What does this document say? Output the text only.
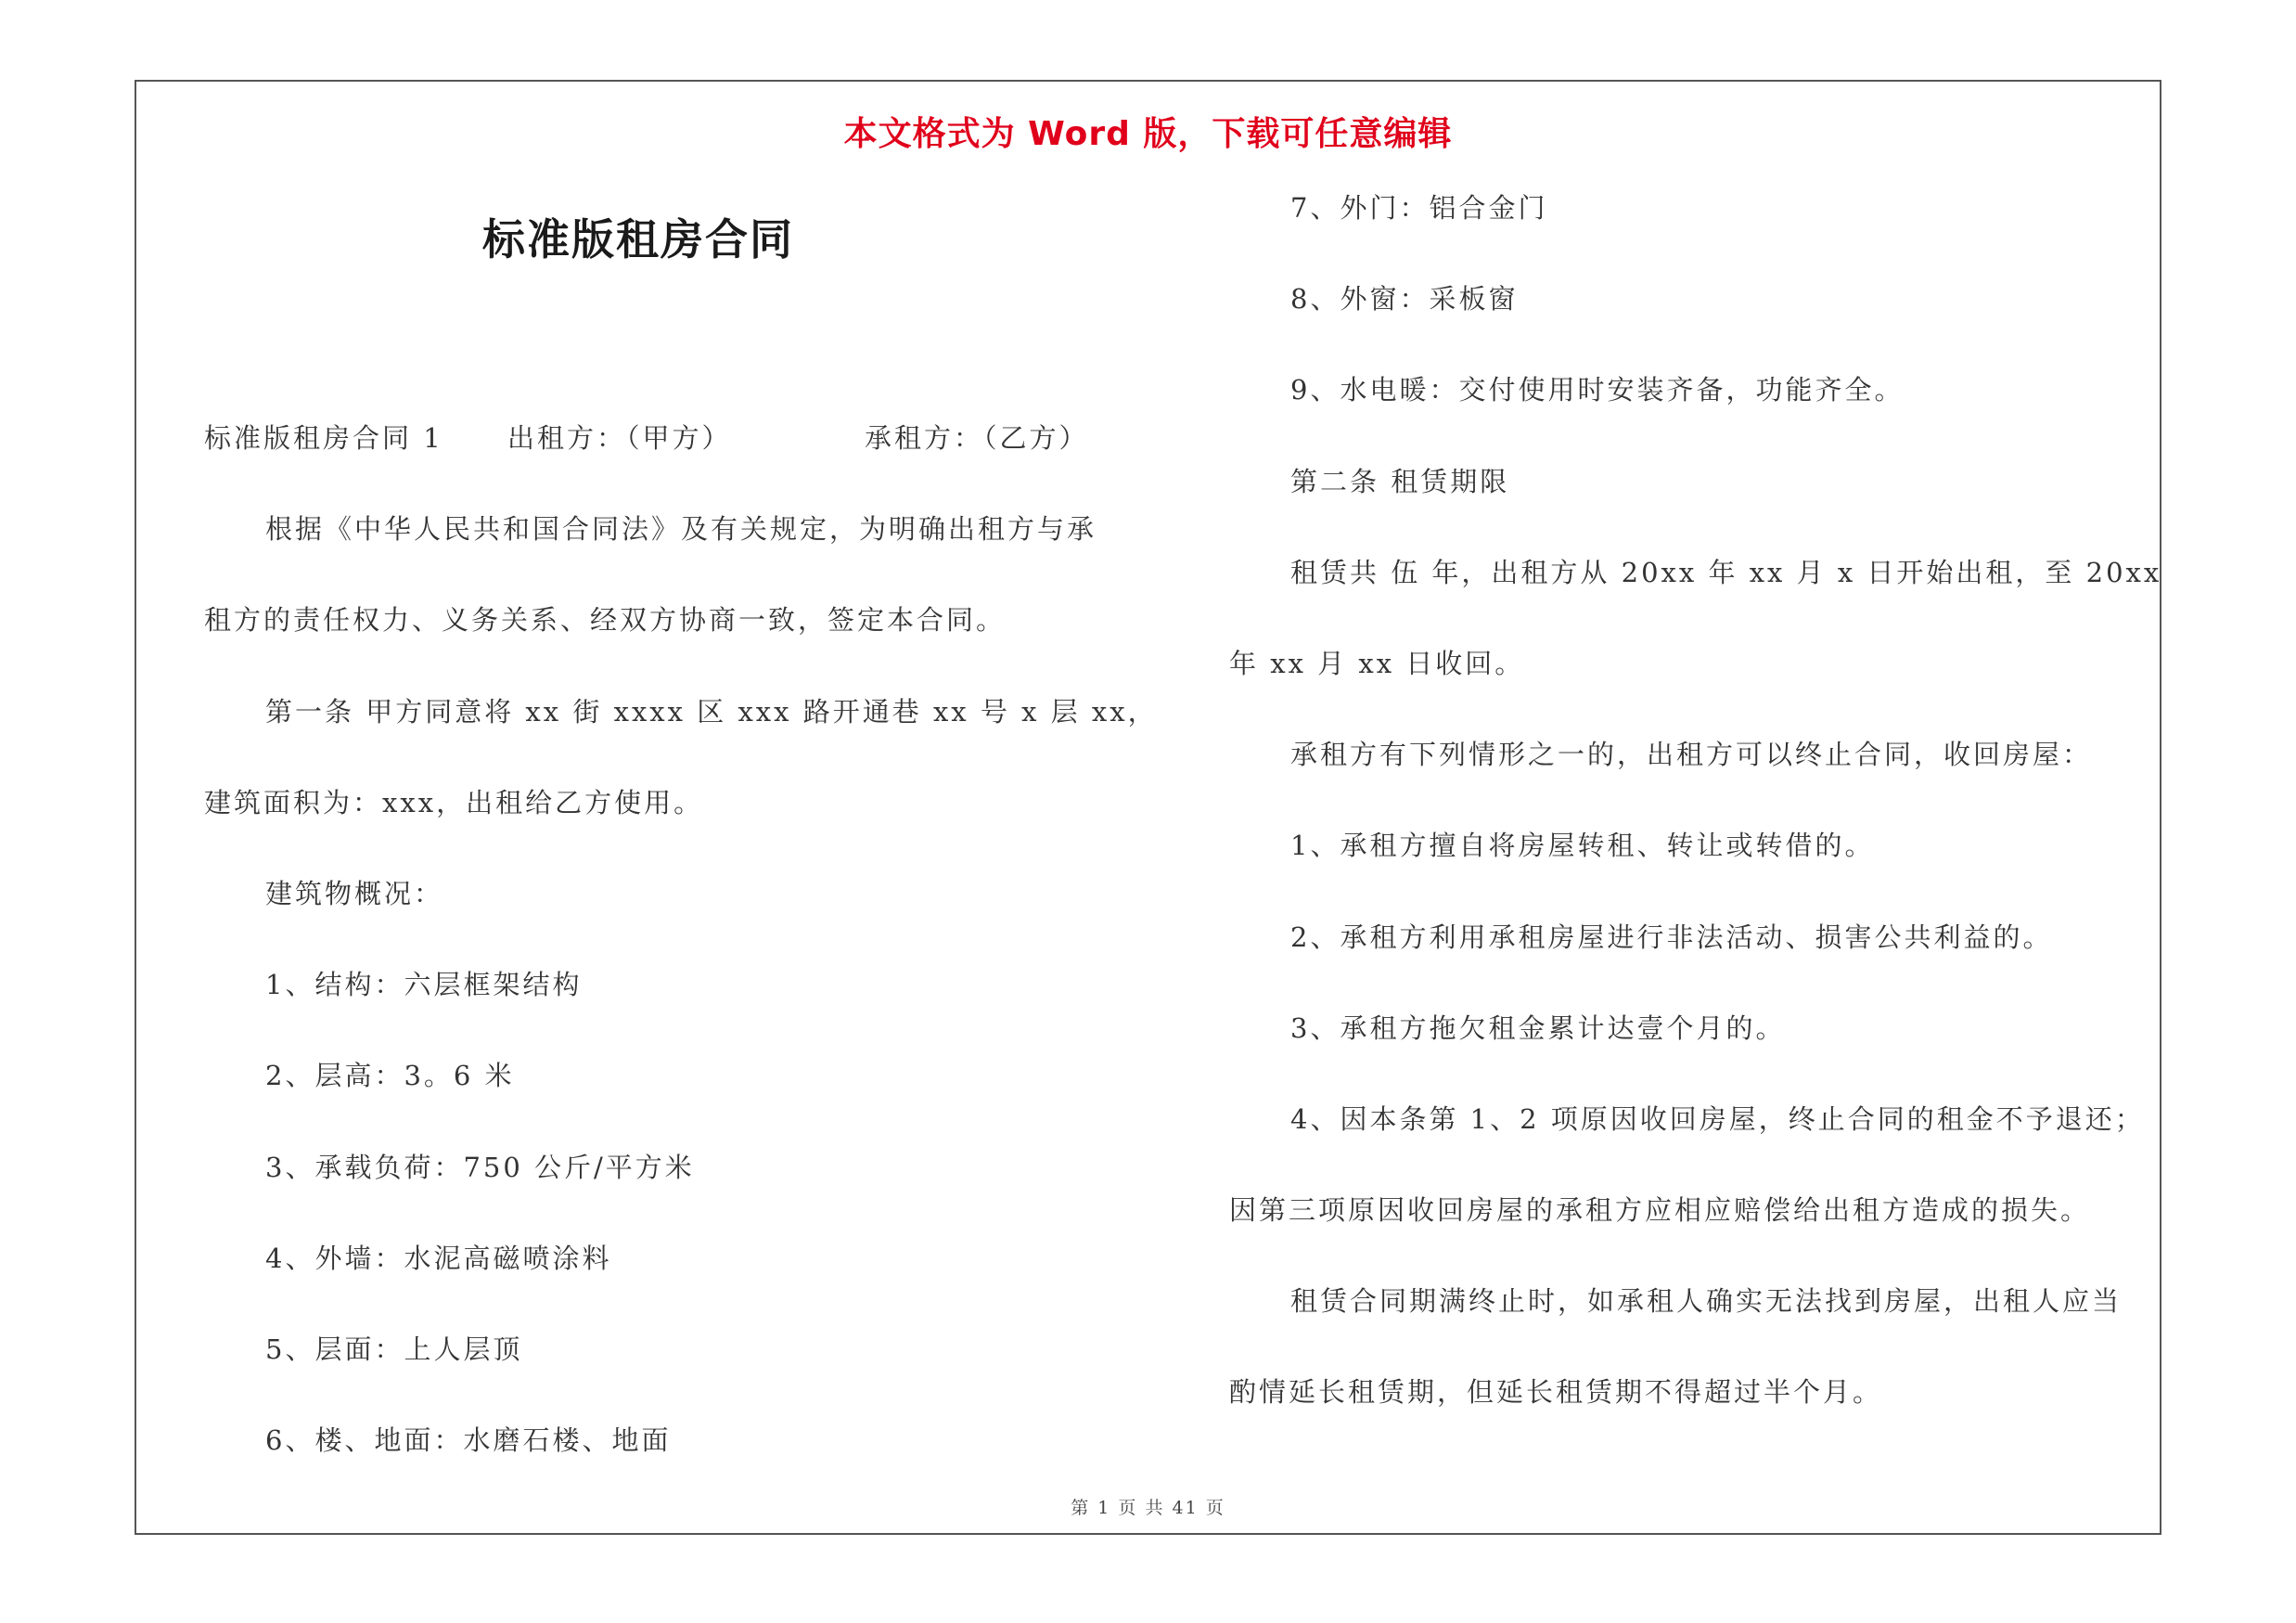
本文格式为 Word 版，下载可任意编辑
标准版租房合同
标准版租房合同 1	出租方：（甲方）	承租方：（乙方）
根据《中华人民共和国合同法》及有关规定，为明确出租方与承
租方的责任权力、义务关系、经双方协商一致，签定本合同。
第一条 甲方同意将 xx 街 xxxx 区 xxx 路开通巷 xx 号 x 层 xx，
建筑面积为：xxx，出租给乙方使用。
建筑物概况：
1、结构：六层框架结构
2、层高：3。6 米
3、承载负荷：750 公斤/平方米
4、外墙：水泥高磁喷涂料
5、层面：上人层顶
6、楼、地面：水磨石楼、地面
7、外门：铝合金门
8、外窗：采板窗
9、水电暖：交付使用时安装齐备，功能齐全。
第二条 租赁期限
租赁共 伍 年，出租方从 20xx 年 xx 月 x 日开始出租，至 20xx
年 xx 月 xx 日收回。
承租方有下列情形之一的，出租方可以终止合同，收回房屋：
1、承租方擅自将房屋转租、转让或转借的。
2、承租方利用承租房屋进行非法活动、损害公共利益的。
3、承租方拖欠租金累计达壹个月的。
4、因本条第 1、2 项原因收回房屋，终止合同的租金不予退还；
因第三项原因收回房屋的承租方应相应赔偿给出租方造成的损失。
租赁合同期满终止时，如承租人确实无法找到房屋，出租人应当
酌情延长租赁期，但延长租赁期不得超过半个月。
第 1 页 共 41 页
